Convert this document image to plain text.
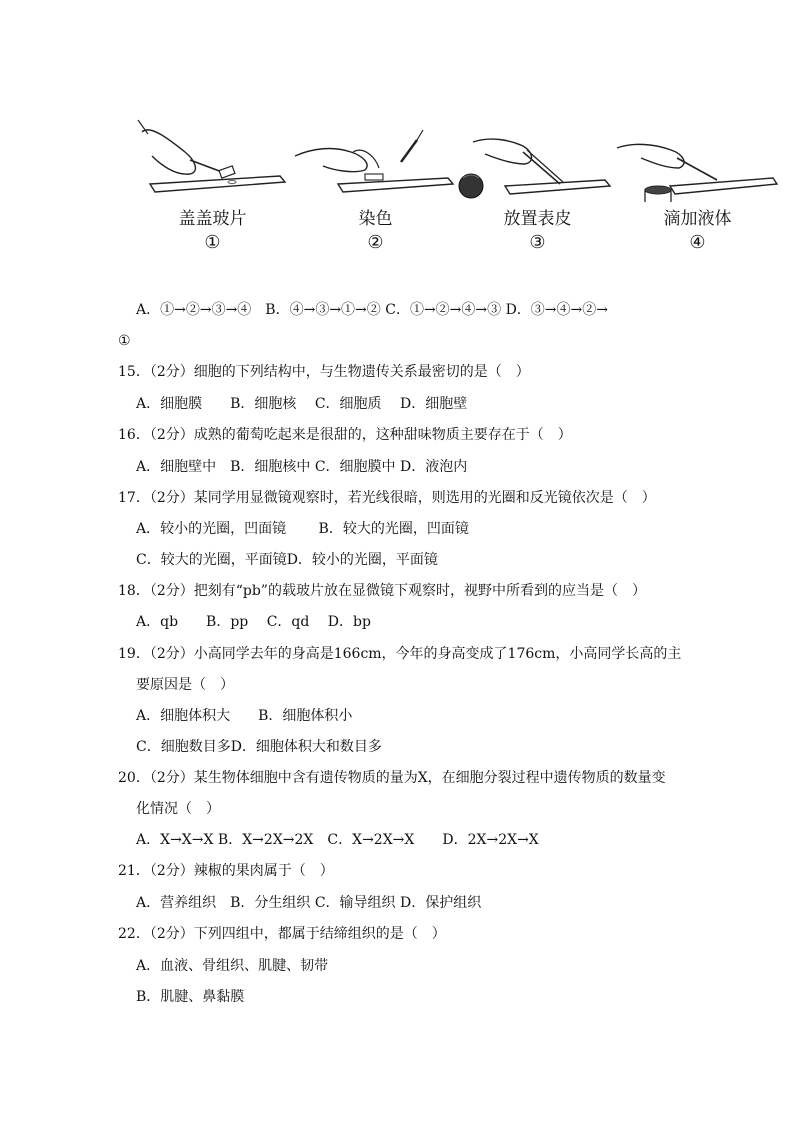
盖盖玻片
①
染色
②
放置表皮
③
滴加液体
④
A．①→②→③→④　B．④→③→①→② C．①→②→④→③ D．③→④→②→
①
15．（2分）细胞的下列结构中，与生物遗传关系最密切的是（　）
A．细胞膜　　B．细胞核　 C．细胞质　 D．细胞壁
16．（2分）成熟的葡萄吃起来是很甜的，这种甜味物质主要存在于（　）
A．细胞壁中　B．细胞核中 C．细胞膜中 D．液泡内
17．（2分）某同学用显微镜观察时，若光线很暗，则选用的光圈和反光镜依次是（　）
A．较小的光圈，凹面镜　　 B．较大的光圈，凹面镜
C．较大的光圈，平面镜D．较小的光圈，平面镜
18．（2分）把刻有“pb”的载玻片放在显微镜下观察时，视野中所看到的应当是（　）
A．qb　　B．pp　 C．qd　 D．bp
19．（2分）小高同学去年的身高是166cm，今年的身高变成了176cm，小高同学长高的主
要原因是（　）
A．细胞体积大　　B．细胞体积小
C．细胞数目多D．细胞体积大和数目多
20．（2分）某生物体细胞中含有遗传物质的量为X，在细胞分裂过程中遗传物质的数量变
化情况（　）
A．X→X→X B．X→2X→2X　C．X→2X→X　　D．2X→2X→X
21．（2分）辣椒的果肉属于（　）
A．营养组织　B．分生组织 C．输导组织 D．保护组织
22．（2分）下列四组中，都属于结缔组织的是（　）
A．血液、骨组织、肌腱、韧带
B．肌腱、鼻黏膜
